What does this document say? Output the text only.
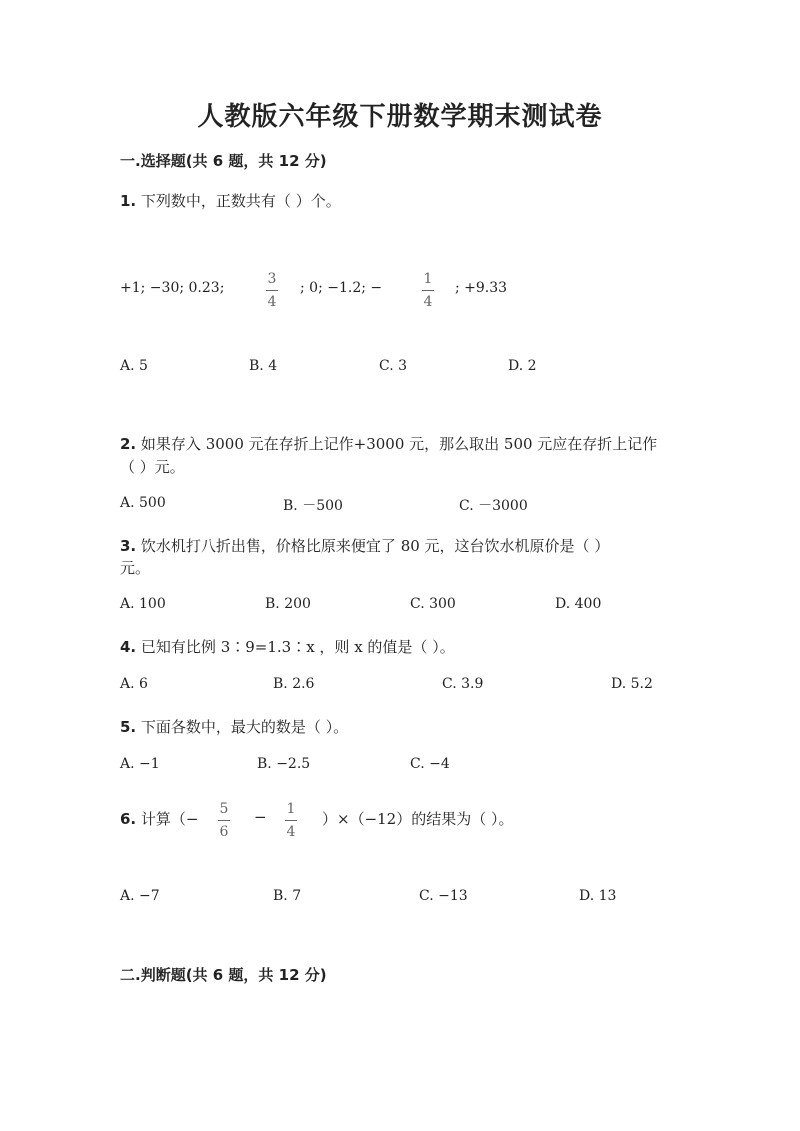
人教版六年级下册数学期末测试卷
一.选择题(共 6 题，共 12 分)
1. 下列数中，正数共有（ ）个。
+1; −30; 0.23;
3
4
; 0; −1.2; −
1
4
; +9.33
A. 5	B. 4	C. 3	D. 2
2. 如果存入 3000 元在存折上记作+3000 元，那么取出 500 元应在存折上记作
（ ）元。
A. 500	B. －500	C. －3000
3. 饮水机打八折出售，价格比原来便宜了 80 元，这台饮水机原价是（ ）
元。
A. 100	B. 200	C. 300	D. 400
4. 已知有比例 3∶9=1.3∶x ，则 x 的值是（ ）。
A. 6	B. 2.6	C. 3.9	D. 5.2
5. 下面各数中，最大的数是（ ）。
A. −1	B. −2.5	C. −4
6. 计算（−
5
6
− 1
4
）×（−12）的结果为（ ）。
A. −7	B. 7	C. −13	D. 13
二.判断题(共 6 题，共 12 分)
